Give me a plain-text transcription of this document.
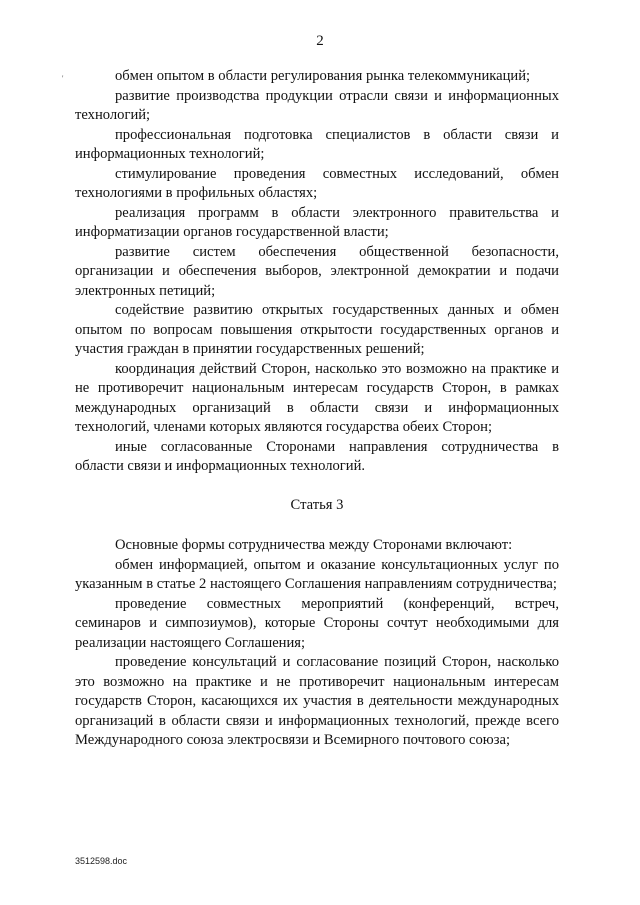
2
'	обмен опытом в области регулирования рынка телекоммуникаций;

развитие производства продукции отрасли связи и информационных технологий;

профессиональная подготовка специалистов в области связи и информационных технологий;

стимулирование проведения совместных исследований, обмен технологиями в профильных областях;

реализация программ в области электронного правительства и информатизации органов государственной власти;

развитие систем обеспечения общественной безопасности, организации и обеспечения выборов, электронной демократии и подачи электронных петиций;

содействие развитию открытых государственных данных и обмен опытом по вопросам повышения открытости государственных органов и участия граждан в принятии государственных решений;

координация действий Сторон, насколько это возможно на практике и не противоречит национальным интересам государств Сторон, в рамках международных организаций в области связи и информационных технологий, членами которых являются государства обеих Сторон;

иные согласованные Сторонами направления сотрудничества в области связи и информационных технологий.

Статья 3

Основные формы сотрудничества между Сторонами включают:

обмен информацией, опытом и оказание консультационных услуг по указанным в статье 2 настоящего Соглашения направлениям сотрудничества;

проведение совместных мероприятий (конференций, встреч, семинаров и симпозиумов), которые Стороны сочтут необходимыми для реализации настоящего Соглашения;

проведение консультаций и согласование позиций Сторон, насколько это возможно на практике и не противоречит национальным интересам государств Сторон, касающихся их участия в деятельности международных организаций в области связи и информационных технологий, прежде всего Международного союза электросвязи и Всемирного почтового союза;

3512598.doc
